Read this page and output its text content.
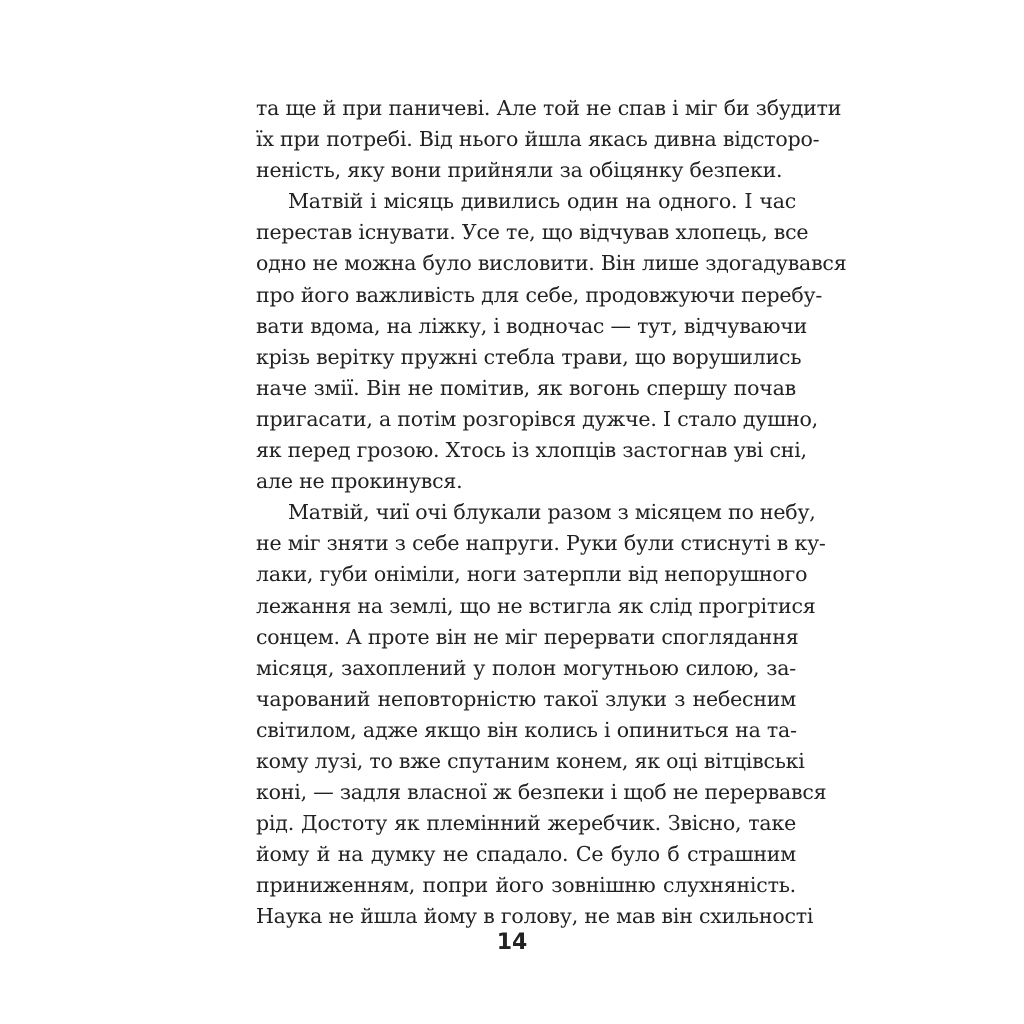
та ще й при паничеві. Але той не спав і міг би збудити
їх при потребі. Від нього йшла якась дивна відсторо-
неність, яку вони прийняли за обіцянку безпеки.
Матвій і місяць дивились один на одного. І час
перестав існувати. Усе те, що відчував хлопець, все
одно не можна було висловити. Він лише здогадувався
про його важливість для себе, продовжуючи перебу-
вати вдома, на ліжку, і водночас — тут, відчуваючи
крізь верітку пружні стебла трави, що ворушились
наче змії. Він не помітив, як вогонь спершу почав
пригасати, а потім розгорівся дужче. І стало душно,
як перед грозою. Хтось із хлопців застогнав уві сні,
але не прокинувся.
Матвій, чиї очі блукали разом з місяцем по небу,
не міг зняти з себе напруги. Руки були стиснуті в ку-
лаки, губи оніміли, ноги затерпли від непорушного
лежання на землі, що не встигла як слід прогрітися
сонцем. А проте він не міг перервати споглядання
місяця, захоплений у полон могутньою силою, за-
чарований неповторністю такої злуки з небесним
світилом, адже якщо він колись і опиниться на та-
кому лузі, то вже спутаним конем, як оці вітцівські
коні, — задля власної ж безпеки і щоб не перервався
рід. Достоту як племінний жеребчик. Звісно, таке
йому й на думку не спадало. Се було б страшним
приниженням, попри його зовнішню слухняність.
Наука не йшла йому в голову, не мав він схильності
14
